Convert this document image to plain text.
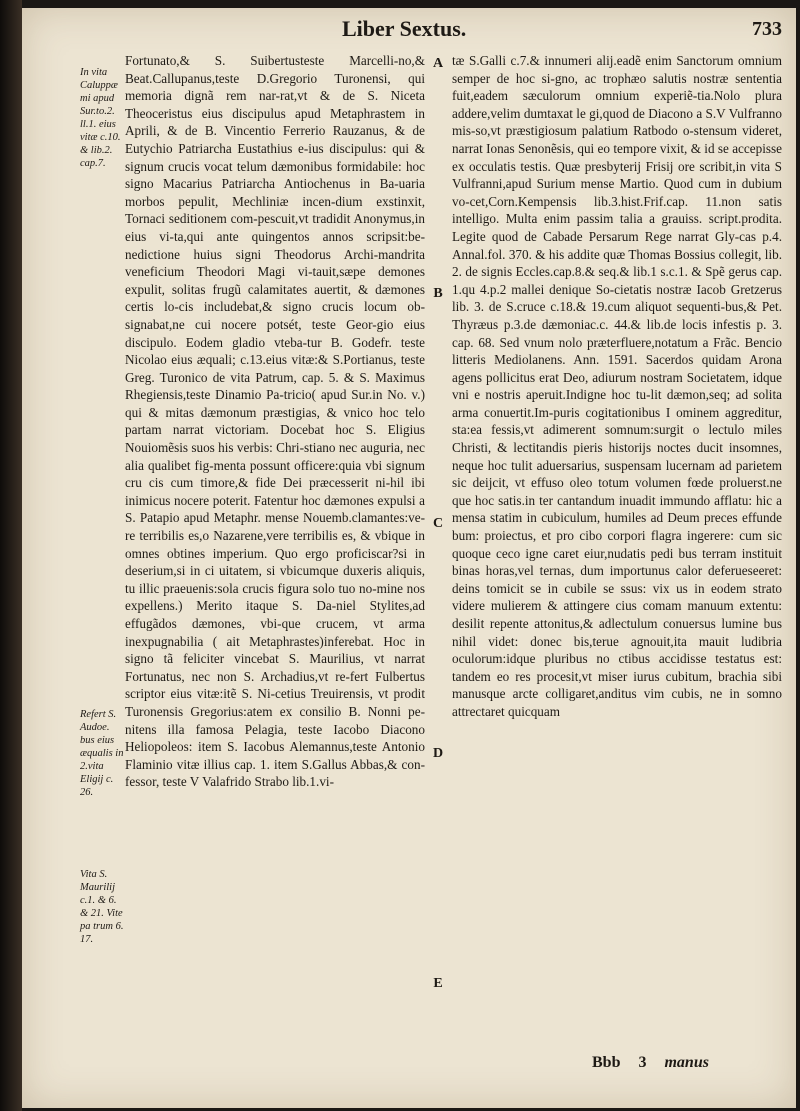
Liber Sextus.	733
In vita Caluppæ mi apud Sur.to.2. ll.1. eius vitæ c.10. & lib.2. cap.7.
Refert S. Audoe. bus eius æqualis in 2.vita Eligij c. 26.
Vita S. Maurilij c.1. & 6. & 21. Vite pa trum 6. 17.
A
B
C
D
E

Fortunato,& S. Suibertusteste Marcelli-no,& Beat.Callupanus,teste D.Gregorio Turonensi, qui memoria dignã rem nar-rat,vt & de S. Niceta Theoceristus eius discipulus apud Metaphrastem in Aprili, & de B. Vincentio Ferrerio Rauzanus, & de Eutychio Patriarcha Eustathius e-ius discipulus: qui & signum crucis vocat telum dæmonibus formidabile: hoc signo Macarius Patriarcha Antiochenus in Ba-uaria morbos pepulit, Mechliniæ incen-dium exstinxit, Tornaci seditionem com-pescuit,vt tradidit Anonymus,in eius vi-ta,qui ante quingentos annos scripsit:be-nedictione huius signi Theodorus Archi-mandrita veneficium Theodori Magi vi-tauit,sæpe demones expulit, solitas frugũ calamitates auertit, & dæmones certis lo-cis includebat,& signo crucis locum ob-signabat,ne cui nocere potsét, teste Geor-gio eius discipulo. Eodem gladio vteba-tur B. Godefr. teste Nicolao eius æquali; c.13.eius vitæ:& S.Portianus, teste Greg. Turonico de vita Patrum, cap. 5. & S. Maximus Rhegiensis,teste Dinamio Pa-tricio( apud Sur.in No. v.) qui & mitas dæmonum præstigias, & vnico hoc telo partam narrat victoriam. Docebat hoc S. Eligius Nouiomẽsis suos his verbis: Chri-stiano nec auguria, nec alia qualibet fig-menta possunt officere:quia vbi signum cru cis cum timore,& fide Dei præcesserit ni-hil ibi inimicus nocere poterit. Fatentur hoc dæmones expulsi a S. Patapio apud Metaphr. mense Nouemb.clamantes:ve-re terribilis es,o Nazarene,vere terribilis es, & vbique in omnes obtines imperium. Quo ergo proficiscar?si in deserium,si in ci uitatem, si vbicumque duxeris aliquis, tu illic praeuenis:sola crucis figura solo tuo no-mine nos expellens.) Merito itaque S. Da-niel Stylites,ad effugãdos dæmones, vbi-que crucem, vt arma inexpugnabilia ( ait Metaphrastes)inferebat. Hoc in signo tã feliciter vincebat S. Maurilius, vt narrat Fortunatus, nec non S. Archadius,vt re-fert Fulbertus scriptor eius vitæ:itẽ S. Ni-cetius Treuirensis, vt prodit Turonensis Gregorius:atem ex consilio B. Nonni pe-nitens illa famosa Pelagia, teste Iacobo Diacono Heliopoleos: item S. Iacobus Alemannus,teste Antonio Flaminio vitæ illius cap. 1. item S.Gallus Abbas,& con-fessor, teste V Valafrido Strabo lib.1.vi-

tæ S.Galli c.7.& innumeri alij.eadẽ enim Sanctorum omnium semper de hoc si-gno, ac trophæo salutis nostræ sententia fuit,eadem sæculorum omnium experiẽ-tia.Nolo plura addere,velim dumtaxat le gi,quod de Diacono a S.V Vulfranno mis-so,vt præstigiosum palatium Ratbodo o-stensum videret, narrat Ionas Senonẽsis, qui eo tempore vixit, & id se accepisse ex occulatis testis. Quæ presbyterij Frisij ore scribit,in vita S Vulfranni,apud Surium mense Martio. Quod cum in dubium vo-cet,Corn.Kempensis lib.3.hist.Frif.cap. 11.non satis intelligo. Multa enim passim talia a grauiss. script.prodita. Legite quod de Cabade Persarum Rege narrat Gly-cas p.4. Annal.fol. 370. & his addite quæ Thomas Bossius collegit, lib. 2. de signis Eccles.cap.8.& seq.& lib.1 s.c.1. & Spẽ gerus cap. 1.qu 4.p.2 mallei denique So-cietatis nostræ Iacob Gretzerus lib. 3. de S.cruce c.18.& 19.cum aliquot sequenti-bus,& Pet. Thyræus p.3.de dæmoniac.c. 44.& lib.de locis infestis p. 3. cap. 68. Sed vnum nolo præterfluere,notatum a Frãc. Bencio litteris Mediolanens. Ann. 1591. Sacerdos quidam Arona agens pollicitus erat Deo, adiurum nostram Societatem, idque vni e nostris aperuit.Indigne hoc tu-lit dæmon,seq; ad solita arma conuertit.Im-puris cogitationibus I ominem aggreditur, sta:ea fessis,vt adimerent somnum:surgit o lectulo miles Christi, & lectitandis pieris historijs noctes ducit insomnes, neque hoc tulit aduersarius, suspensam lucernam ad parietem sic deijcit, vt effuso oleo totum volumen fœde proluerst.ne que hoc satis.in ter cantandum inuadit immundo afflatu: hic a mensa statim in cubiculum, humiles ad Deum preces effunde bum: proiectus, et pro cibo corpori flagra ingerere: cum sic quoque ceco igne caret eiur,nudatis pedi bus terram instituit binas horas,vel ternas, dum importunus calor deferueseeret: deins tomicit se in cubile se ssus: vix us in eodem strato videre mulierem & attingere cius comam manuum extentu: desilit repente attonitus,& adlectulum conuersus lumine bus nihil videt: donec bis,terue agnouit,ita mauit ludibria oculorum:idque pluribus no ctibus accidisse testatus est: tandem eo res procesit,vt miser iurus cubitum, brachia sibi manusque arcte colligaret,anditus vim cubis, ne in somno attrectaret quicquam

Bbb 3 manus
